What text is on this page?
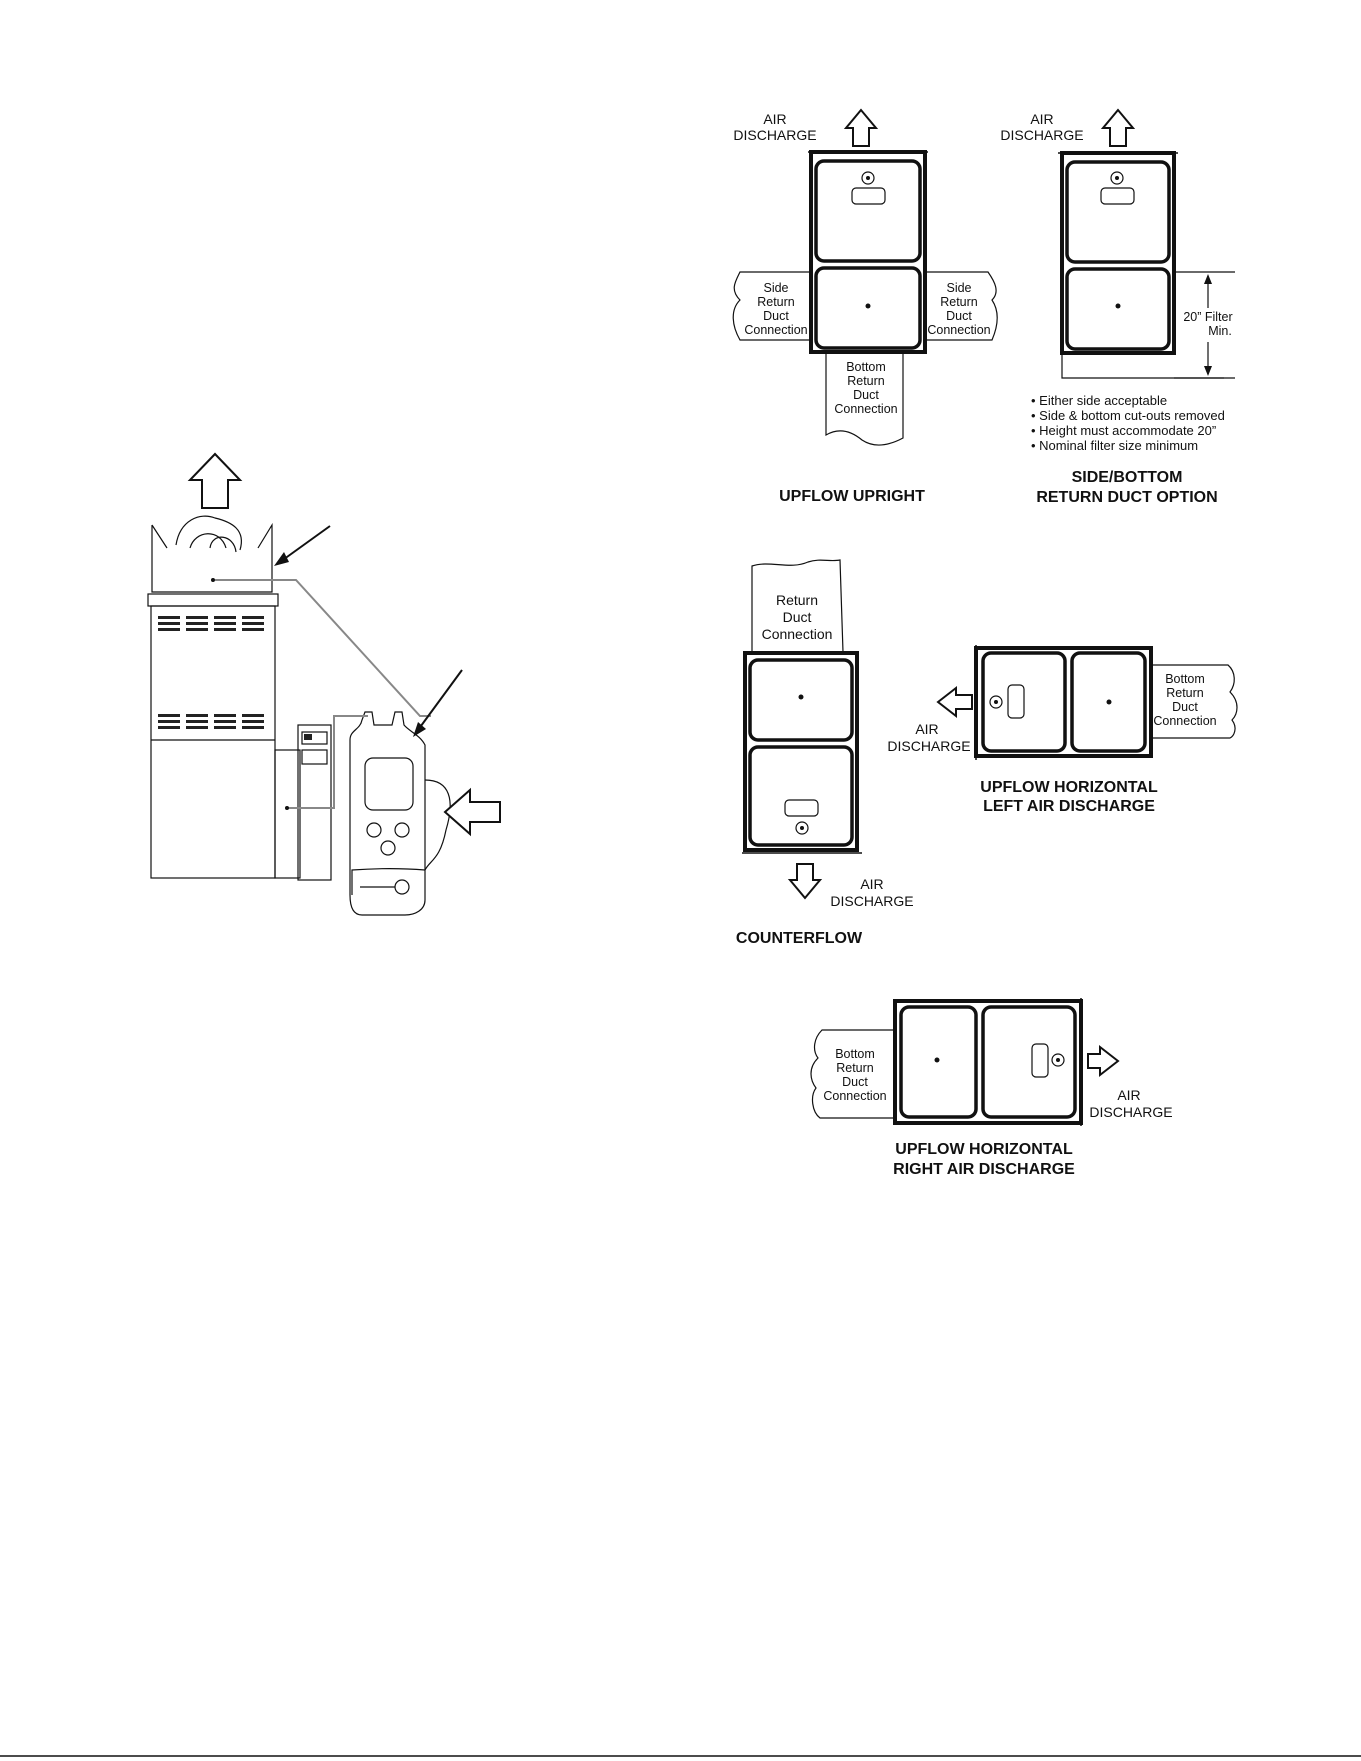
AIR
DISCHARGE
Side
Return
Duct
Connection
Side
Return
Duct
Connection
Bottom
Return
Duct
Connection
UPFLOW UPRIGHT
AIR
DISCHARGE
20” Filter
Min.
• Either side acceptable
• Side & bottom cut-outs removed
• Height must accommodate 20”
• Nominal filter size minimum
SIDE/BOTTOM
RETURN DUCT OPTION
Return
Duct
Connection
AIR
DISCHARGE
COUNTERFLOW
Bottom
Return
Duct
Connection
AIR
DISCHARGE
UPFLOW HORIZONTAL
LEFT AIR DISCHARGE
Bottom
Return
Duct
Connection	AIR
DISCHARGE
UPFLOW HORIZONTAL
RIGHT AIR DISCHARGE
